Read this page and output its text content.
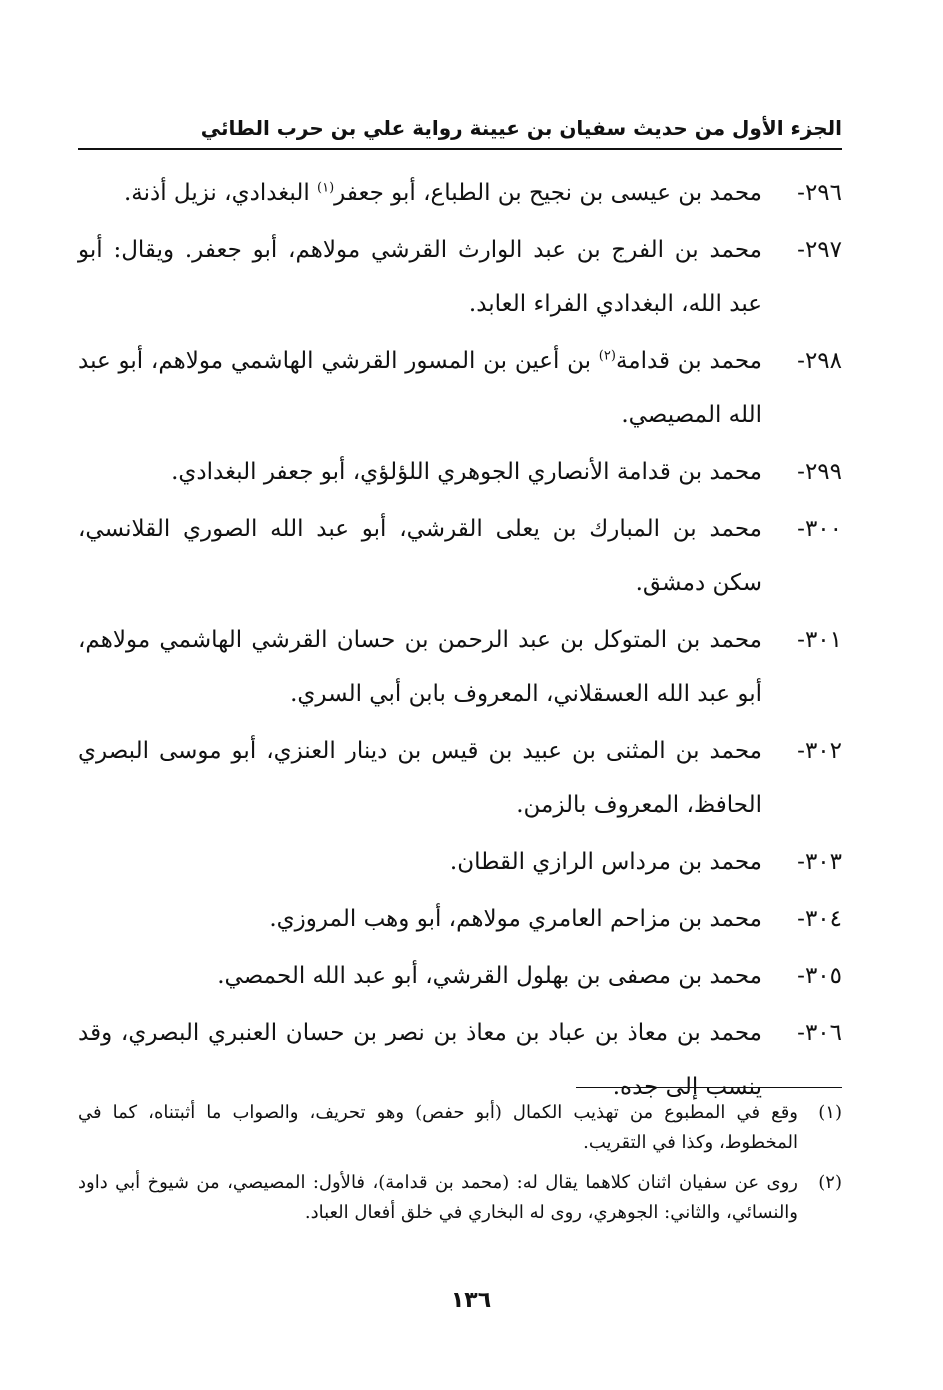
الجزء الأول من حديث سفيان بن عيينة رواية علي بن حرب الطائي
٢٩٦-
محمد بن عيسى بن نجيح بن الطباع، أبو جعفر$^{(١)}$ البغدادي، نزيل أذنة.
٢٩٧-
محمد بن الفرج بن عبد الوارث القرشي مولاهم، أبو جعفر. ويقال: أبو عبد الله، البغدادي الفراء العابد.
٢٩٨-
محمد بن قدامة$^{(٢)}$ بن أعين بن المسور القرشي الهاشمي مولاهم، أبو عبد الله المصيصي.
٢٩٩-
محمد بن قدامة الأنصاري الجوهري اللؤلؤي، أبو جعفر البغدادي.
٣٠٠-
محمد بن المبارك بن يعلى القرشي، أبو عبد الله الصوري القلانسي، سكن دمشق.
٣٠١-
محمد بن المتوكل بن عبد الرحمن بن حسان القرشي الهاشمي مولاهم، أبو عبد الله العسقلاني، المعروف بابن أبي السري.
٣٠٢-
محمد بن المثنى بن عبيد بن قيس بن دينار العنزي، أبو موسى البصري الحافظ، المعروف بالزمن.
٣٠٣-
محمد بن مرداس الرازي القطان.
٣٠٤-
محمد بن مزاحم العامري مولاهم، أبو وهب المروزي.
٣٠٥-
محمد بن مصفى بن بهلول القرشي، أبو عبد الله الحمصي.
٣٠٦-
محمد بن معاذ بن عباد بن معاذ بن نصر بن حسان العنبري البصري، وقد ينسب إلى جده.
(١)
وقع في المطبوع من تهذيب الكمال (أبو حفص) وهو تحريف، والصواب ما أثبتناه، كما في المخطوط، وكذا في التقريب.
(٢)
روى عن سفيان اثنان كلاهما يقال له: (محمد بن قدامة)، فالأول: المصيصي، من شيوخ أبي داود والنسائي، والثاني: الجوهري، روى له البخاري في خلق أفعال العباد.
١٣٦
